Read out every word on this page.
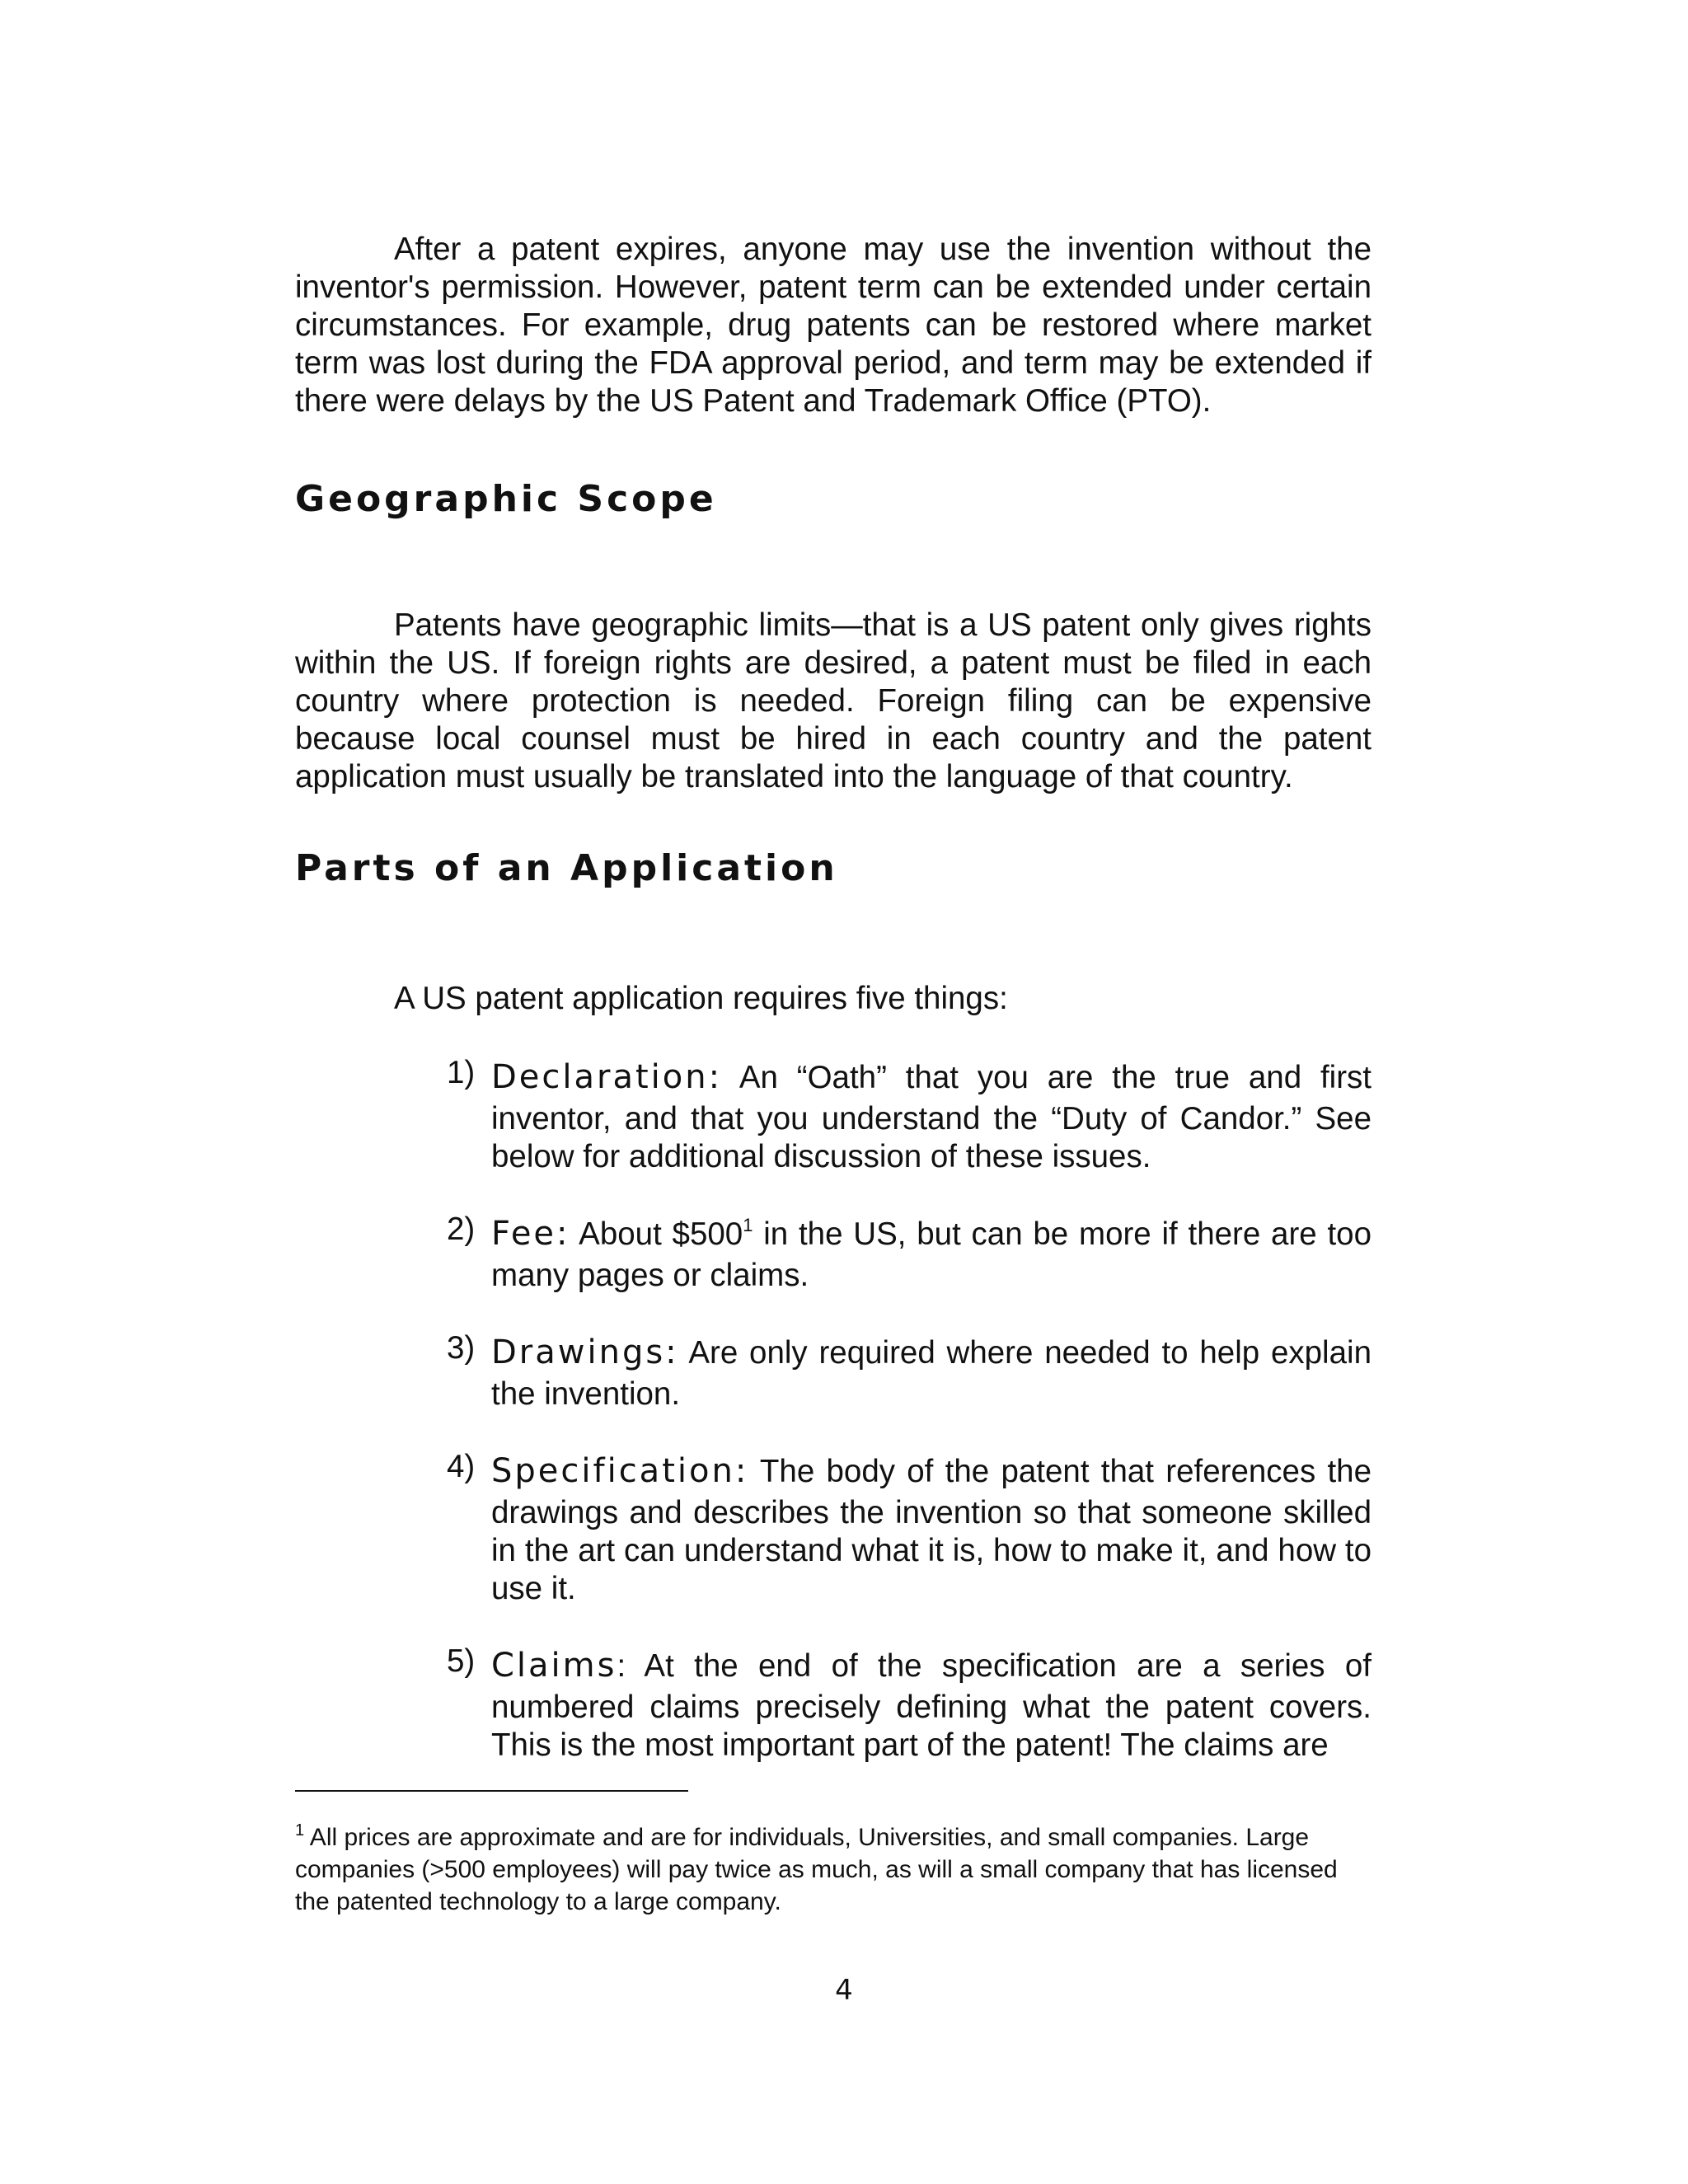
After a patent expires, anyone may use the invention without the inventor's permission. However, patent term can be extended under certain circumstances. For example, drug patents can be restored where market term was lost during the FDA approval period, and term may be extended if there were delays by the US Patent and Trademark Office (PTO).

Geographic Scope

Patents have geographic limits—that is a US patent only gives rights within the US. If foreign rights are desired, a patent must be filed in each country where protection is needed. Foreign filing can be expensive because local counsel must be hired in each country and the patent application must usually be translated into the language of that country.

Parts of an Application

A US patent application requires five things:

1) Declaration: An “Oath” that you are the true and first inventor, and that you understand the “Duty of Candor.” See below for additional discussion of these issues.
2) Fee: About $500$^1$ in the US, but can be more if there are too many pages or claims.
3) Drawings: Are only required where needed to help explain the invention.
4) Specification: The body of the patent that references the drawings and describes the invention so that someone skilled in the art can understand what it is, how to make it, and how to use it.
5) Claims: At the end of the specification are a series of numbered claims precisely defining what the patent covers. This is the most important part of the patent! The claims are
$^1$ All prices are approximate and are for individuals, Universities, and small companies. Large companies (>500 employees) will pay twice as much, as will a small company that has licensed the patented technology to a large company.
4
